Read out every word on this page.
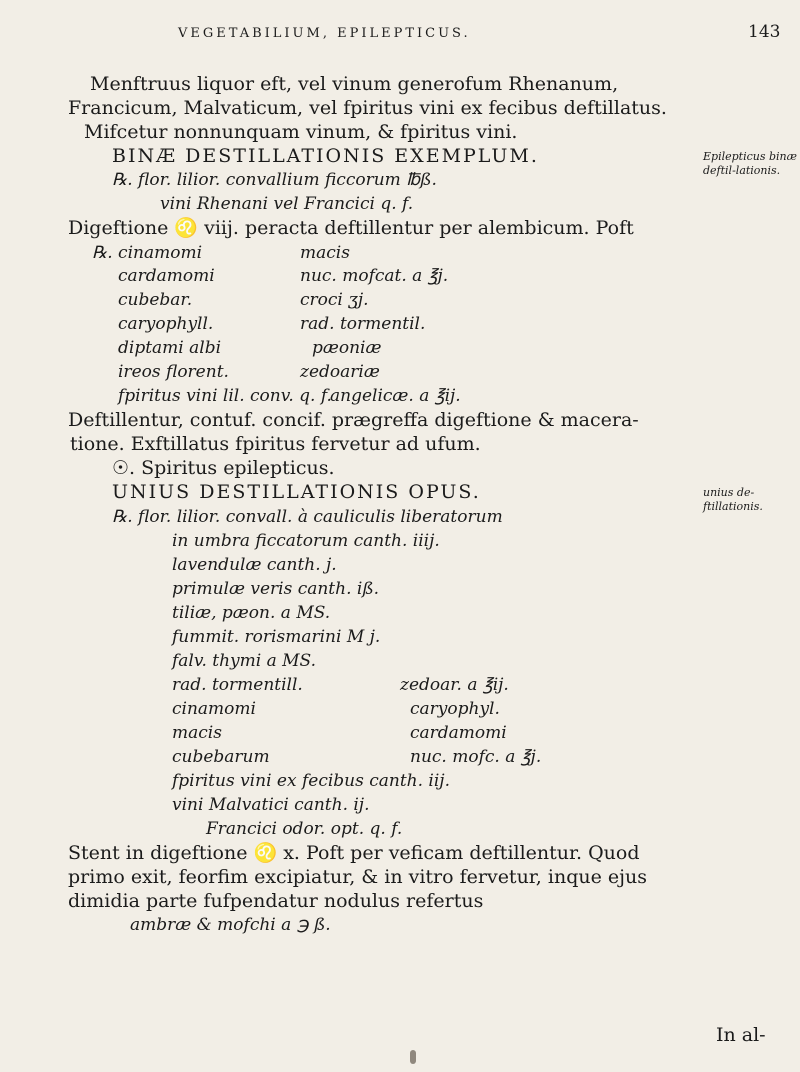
VEGETABILIUM, EPILEPTICUS.	143
Menftruus liquor eft, vel vinum generofum Rhenanum,
Francicum, Malvaticum, vel fpiritus vini ex fecibus deftillatus.
Mifcetur nonnunquam vinum, & fpiritus vini.
BINÆ DESTILLATIONIS EXEMPLUM.
℞. flor. lilior. convallium ficcorum ℔ß.
vini Rhenani vel Francici q. f.
Digeftione ♌ viij. peracta deftillentur per alembicum. Poft
℞. cinamomi
cardamomi
cubebar.
caryophyll.
diptami albi
ireos florent.
fpiritus vini lil. conv. q. f.
macis
nuc. mofcat. a ℥j.
croci ʒj.
rad. tormentil.
pæoniæ
zedoariæ
angelicæ. a ℥ij.
Deftillentur, contuf. concif. prægreffa digeftione & macera-
tione. Exftillatus fpiritus fervetur ad ufum.
☉. Spiritus epilepticus.
UNIUS DESTILLATIONIS OPUS.
℞. flor. lilior. convall. à cauliculis liberatorum
in umbra ficcatorum canth. iiij.
lavendulæ canth. j.
primulæ veris canth. iß.
tiliæ, pæon. a MS.
fummit. rorismarini M j.
falv. thymi a MS.
rad. tormentill.
cinamomi
macis
cubebarum
zedoar. a ℥ij.
caryophyl.
cardamomi
nuc. mofc. a ℥j.
fpiritus vini ex fecibus canth. iij.
vini Malvatici canth. ij.
Francici odor. opt. q. f.
Stent in digeftione ♌ x. Poft per veficam deftillentur. Quod
primo exit, feorfim excipiatur, & in vitro fervetur, inque ejus
dimidia parte fufpendatur nodulus refertus
ambræ & mofchi a ℈ ß.
Epilepticus binæ deftil-lationis.
unius de-ftillationis.
In al-
